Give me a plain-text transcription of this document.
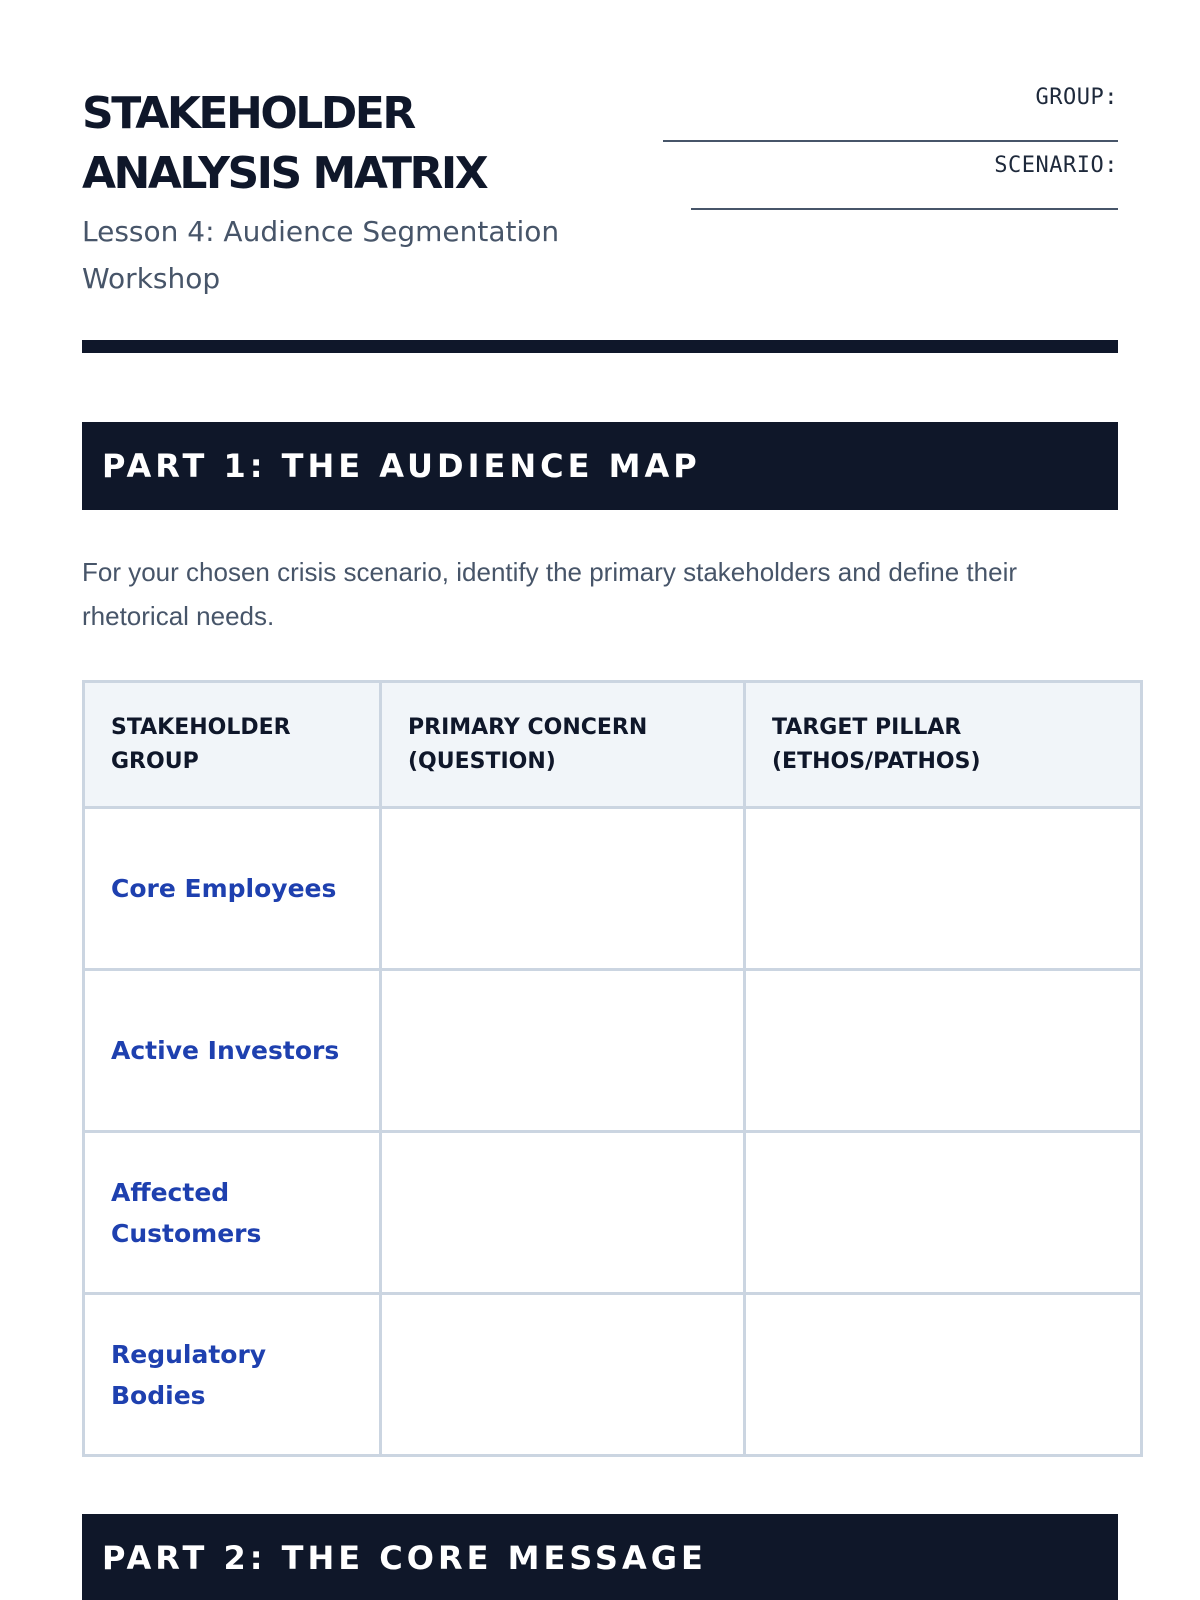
STAKEHOLDER
ANALYSIS MATRIX
Lesson 4: Audience Segmentation Workshop
GROUP:
SCENARIO:
PART 1: THE AUDIENCE MAP
For your chosen crisis scenario, identify the primary stakeholders and define their rhetorical needs.
STAKEHOLDER GROUP	PRIMARY CONCERN (QUESTION)	TARGET PILLAR (ETHOS/PATHOS)
Core Employees		
Active Investors		
Affected Customers		
Regulatory Bodies		
PART 2: THE CORE MESSAGE
